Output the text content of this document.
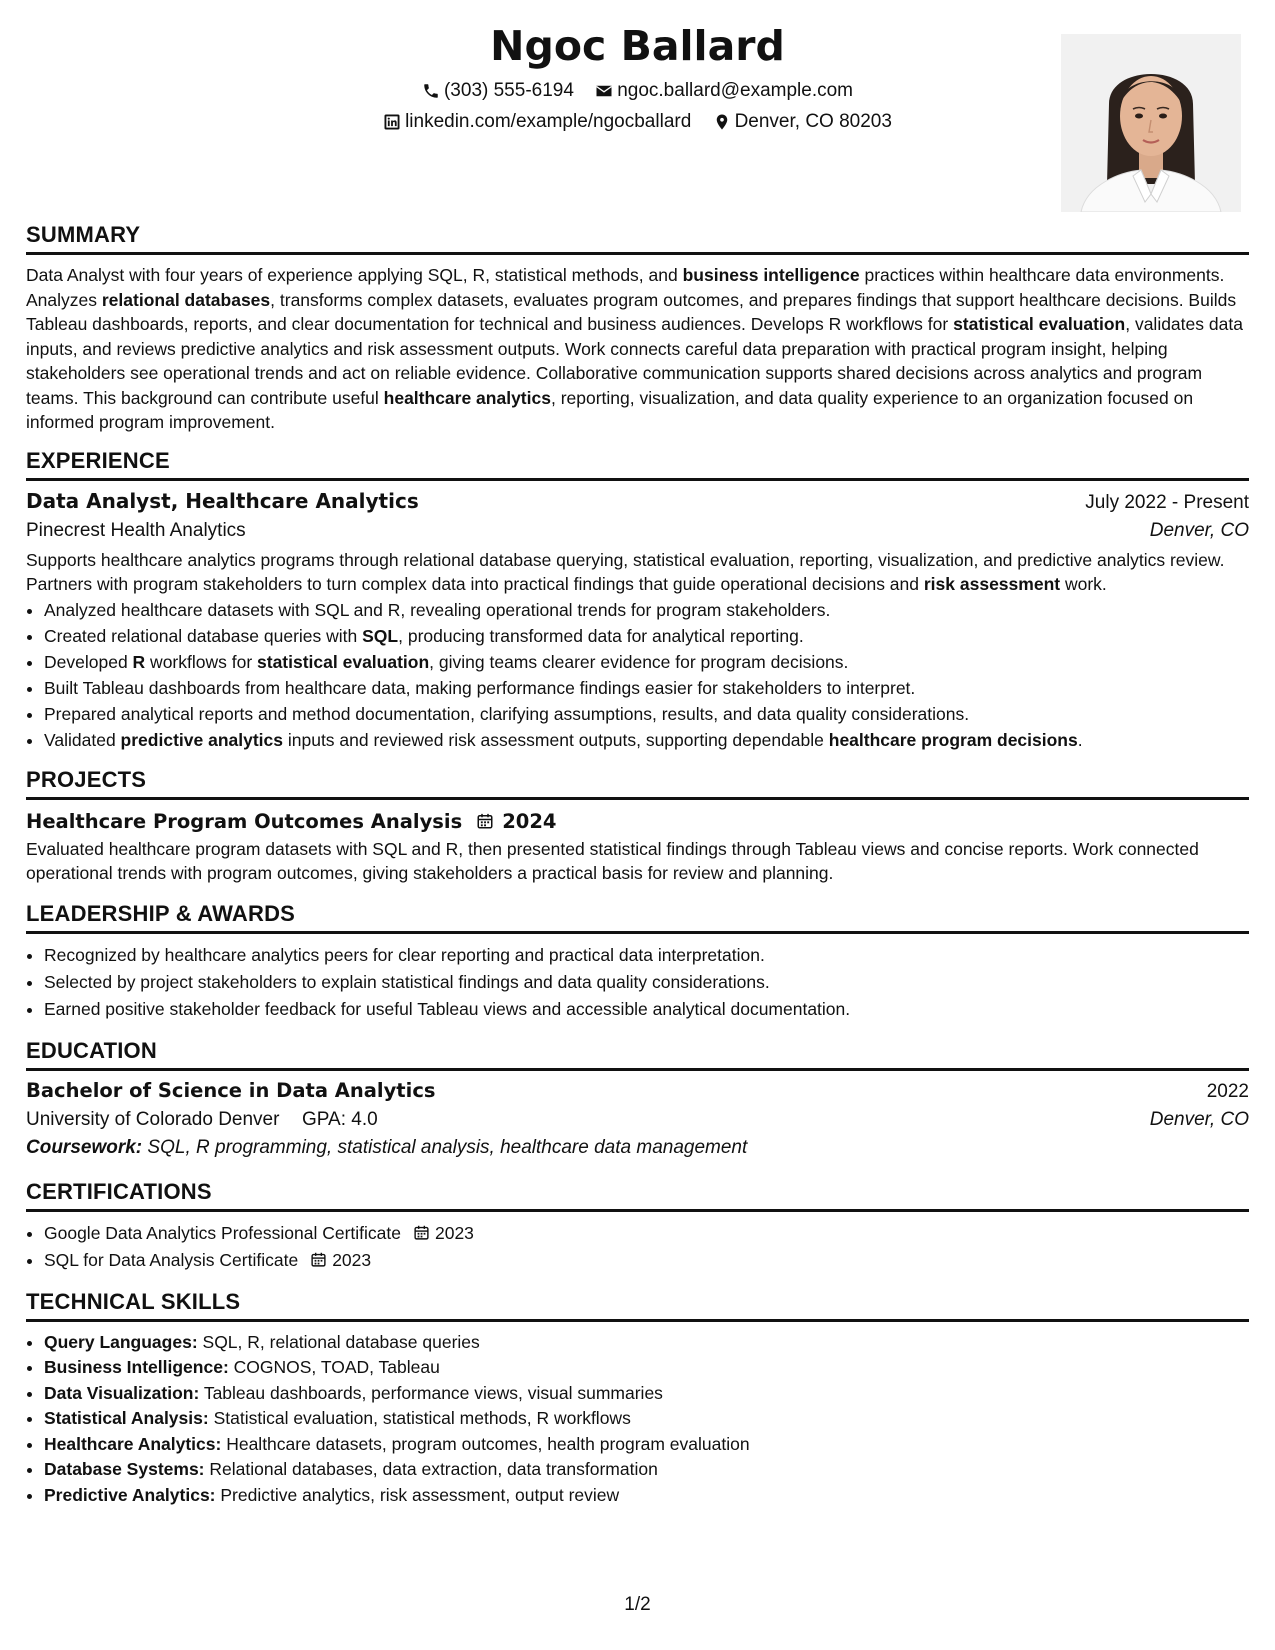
Ngoc Ballard
(303) 555-6194
ngoc.ballard@example.com
linkedin.com/example/ngocballard
Denver, CO 80203
SUMMARY

Data Analyst with four years of experience applying SQL, R, statistical methods, and business intelligence practices within healthcare data environments. Analyzes relational databases, transforms complex datasets, evaluates program outcomes, and prepares findings that support healthcare decisions. Builds Tableau dashboards, reports, and clear documentation for technical and business audiences. Develops R workflows for statistical evaluation, validates data inputs, and reviews predictive analytics and risk assessment outputs. Work connects careful data preparation with practical program insight, helping stakeholders see operational trends and act on reliable evidence. Collaborative communication supports shared decisions across analytics and program teams. This background can contribute useful healthcare analytics, reporting, visualization, and data quality experience to an organization focused on informed program improvement.

EXPERIENCE
Data Analyst, Healthcare Analytics	July 2022 - Present
Pinecrest Health Analytics	Denver, CO

Supports healthcare analytics programs through relational database querying, statistical evaluation, reporting, visualization, and predictive analytics review. Partners with program stakeholders to turn complex data into practical findings that guide operational decisions and risk assessment work.

• Analyzed healthcare datasets with SQL and R, revealing operational trends for program stakeholders.
• Created relational database queries with SQL, producing transformed data for analytical reporting.
• Developed R workflows for statistical evaluation, giving teams clearer evidence for program decisions.
• Built Tableau dashboards from healthcare data, making performance findings easier for stakeholders to interpret.
• Prepared analytical reports and method documentation, clarifying assumptions, results, and data quality considerations.
• Validated predictive analytics inputs and reviewed risk assessment outputs, supporting dependable healthcare program decisions.
PROJECTS
Healthcare Program Outcomes Analysis 2024

Evaluated healthcare program datasets with SQL and R, then presented statistical findings through Tableau views and concise reports. Work connected operational trends with program outcomes, giving stakeholders a practical basis for review and planning.

LEADERSHIP & AWARDS
• Recognized by healthcare analytics peers for clear reporting and practical data interpretation.
• Selected by project stakeholders to explain statistical findings and data quality considerations.
• Earned positive stakeholder feedback for useful Tableau views and accessible analytical documentation.
EDUCATION
Bachelor of Science in Data Analytics	2022
University of Colorado Denver GPA: 4.0	Denver, CO
Coursework: SQL, R programming, statistical analysis, healthcare data management
CERTIFICATIONS
• Google Data Analytics Professional Certificate 2023
• SQL for Data Analysis Certificate 2023
TECHNICAL SKILLS
• Query Languages: SQL, R, relational database queries
• Business Intelligence: COGNOS, TOAD, Tableau
• Data Visualization: Tableau dashboards, performance views, visual summaries
• Statistical Analysis: Statistical evaluation, statistical methods, R workflows
• Healthcare Analytics: Healthcare datasets, program outcomes, health program evaluation
• Database Systems: Relational databases, data extraction, data transformation
• Predictive Analytics: Predictive analytics, risk assessment, output review
1/2
